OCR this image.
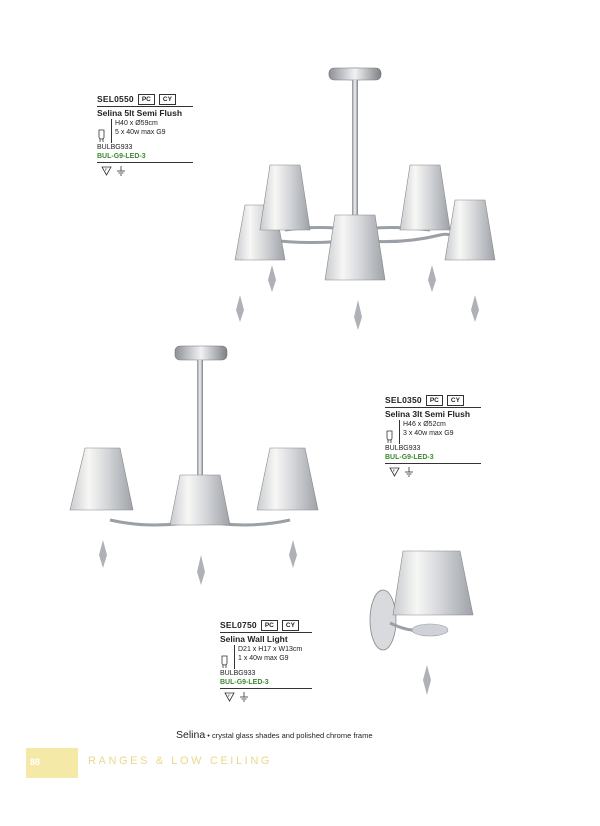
SEL0550	PC	CY
Selina 5lt Semi Flush
H40 x Ø59cm
5 x 40w max G9
BULBG933
BUL-G9-LED-3
F
SEL0350	PC	CY
Selina 3lt Semi Flush
H46 x Ø52cm
3 x 40w max G9
BULBG933
BUL-G9-LED-3
F
SEL0750	PC	CY
Selina Wall Light
D21 x H17 x W13cm
1 x 40w max G9
BULBG933
BUL-G9-LED-3
F
Selina • crystal glass shades and polished chrome frame
88	RANGES & LOW CEILING
